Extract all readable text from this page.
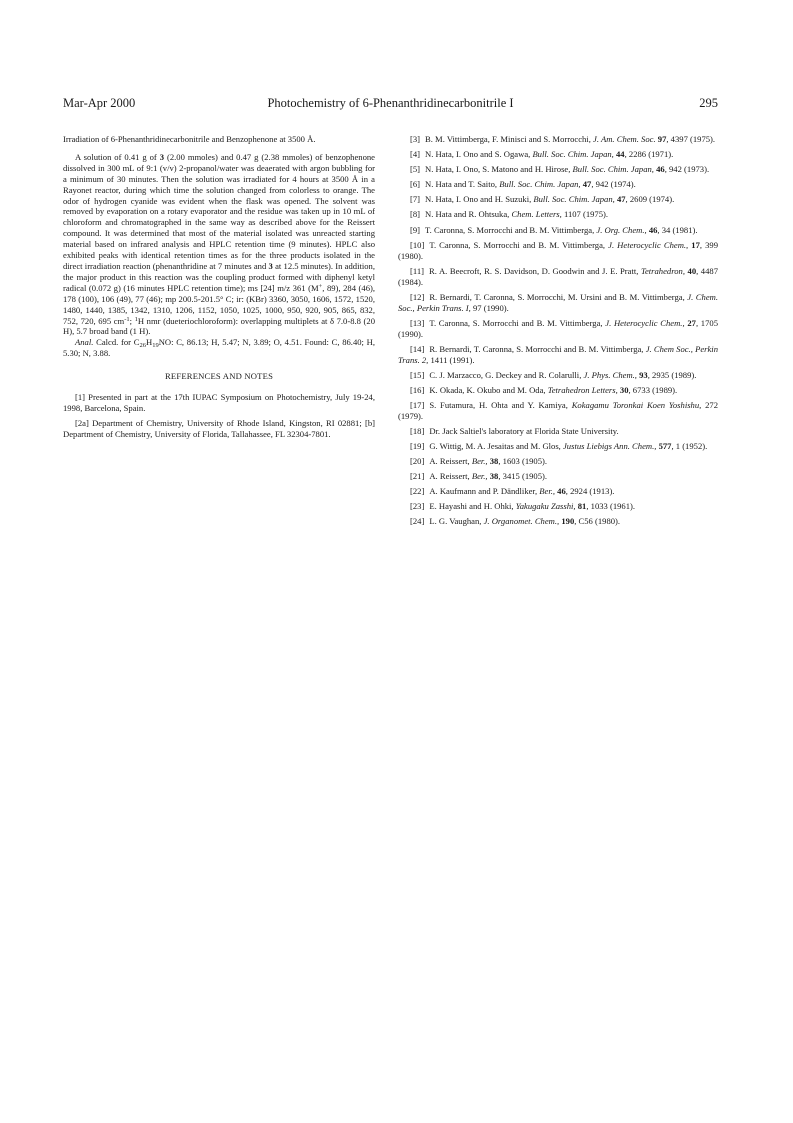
Mar-Apr 2000	Photochemistry of 6-Phenanthridinecarbonitrile I	295

Irradiation of 6-Phenanthridinecarbonitrile and Benzophenone at 3500 Å.

A solution of 0.41 g of 3 (2.00 mmoles) and 0.47 g (2.38 mmoles) of benzophenone dissolved in 300 mL of 9:1 (v/v) 2-propanol/water was deaerated with argon bubbling for a minimum of 30 minutes. Then the solution was irradiated for 4 hours at 3500 Å in a Rayonet reactor, during which time the solution changed from colorless to orange. The odor of hydrogen cyanide was evident when the flask was opened. The solvent was removed by evaporation on a rotary evaporator and the residue was taken up in 10 mL of chloroform and chromatographed in the same way as described above for the Reissert compound. It was determined that most of the material isolated was unreacted starting material based on infrared analysis and HPLC retention time (9 minutes). HPLC also exhibited peaks with identical retention times as for the three products isolated in the direct irradiation reaction (phenanthridine at 7 minutes and 3 at 12.5 minutes). In addition, the major product in this reaction was the coupling product formed with diphenyl ketyl radical (0.072 g) (16 minutes HPLC retention time); ms [24] m/z 361 (M+, 89), 284 (46), 178 (100), 106 (49), 77 (46); mp 200.5-201.5° C; ir: (KBr) 3360, 3050, 1606, 1572, 1520, 1480, 1440, 1385, 1342, 1310, 1206, 1152, 1050, 1025, 1000, 950, 920, 905, 865, 832, 752, 720, 695 $cm^{-1}$; $^1$H nmr (dueteriochloroform): overlapping multiplets at δ 7.0-8.8 (20 H), 5.7 broad band (1 H).

Anal. Calcd. for $C_{26}H_{19}NO$: C, 86.13; H, 5.47; N, 3.89; O, 4.51. Found: C, 86.40; H, 5.30; N, 3.88.

REFERENCES AND NOTES

[1] Presented in part at the 17th IUPAC Symposium on Photochemistry, July 19-24, 1998, Barcelona, Spain.

[2a] Department of Chemistry, University of Rhode Island, Kingston, RI 02881; [b] Department of Chemistry, University of Florida, Tallahassee, FL 32304-7801.

[3] B. M. Vittimberga, F. Minisci and S. Morrocchi, J. Am. Chem. Soc. 97, 4397 (1975).

[4] N. Hata, I. Ono and S. Ogawa, Bull. Soc. Chim. Japan, 44, 2286 (1971).

[5] N. Hata, I. Ono, S. Matono and H. Hirose, Bull. Soc. Chim. Japan, 46, 942 (1973).

[6] N. Hata and T. Saito, Bull. Soc. Chim. Japan, 47, 942 (1974).

[7] N. Hata, I. Ono and H. Suzuki, Bull. Soc. Chim. Japan, 47, 2609 (1974).

[8] N. Hata and R. Ohtsuka, Chem. Letters, 1107 (1975).

[9] T. Caronna, S. Morrocchi and B. M. Vittimberga, J. Org. Chem., 46, 34 (1981).

[10] T. Caronna, S. Morrocchi and B. M. Vittimberga, J. Heterocyclic Chem., 17, 399 (1980).

[11] R. A. Beecroft, R. S. Davidson, D. Goodwin and J. E. Pratt, Tetrahedron, 40, 4487 (1984).

[12] R. Bernardi, T. Caronna, S. Morrocchi, M. Ursini and B. M. Vittimberga, J. Chem. Soc., Perkin Trans. I, 97 (1990).

[13] T. Caronna, S. Morrocchi and B. M. Vittimberga, J. Heterocyclic Chem., 27, 1705 (1990).

[14] R. Bernardi, T. Caronna, S. Morrocchi and B. M. Vittimberga, J. Chem Soc., Perkin Trans. 2, 1411 (1991).

[15] C. J. Marzacco, G. Deckey and R. Colarulli, J. Phys. Chem., 93, 2935 (1989).

[16] K. Okada, K. Okubo and M. Oda, Tetrahedron Letters, 30, 6733 (1989).

[17] S. Futamura, H. Ohta and Y. Kamiya, Kokagamu Toronkai Koen Yoshishu, 272 (1979).

[18] Dr. Jack Saltiel's laboratory at Florida State University.

[19] G. Wittig, M. A. Jesaitas and M. Glos, Justus Liebigs Ann. Chem., 577, 1 (1952).

[20] A. Reissert, Ber., 38, 1603 (1905).

[21] A. Reissert, Ber., 38, 3415 (1905).

[22] A. Kaufmann and P. Dändliker, Ber., 46, 2924 (1913).

[23] E. Hayashi and H. Ohki, Yakugaku Zasshi, 81, 1033 (1961).

[24] L. G. Vaughan, J. Organomet. Chem., 190, C56 (1980).
